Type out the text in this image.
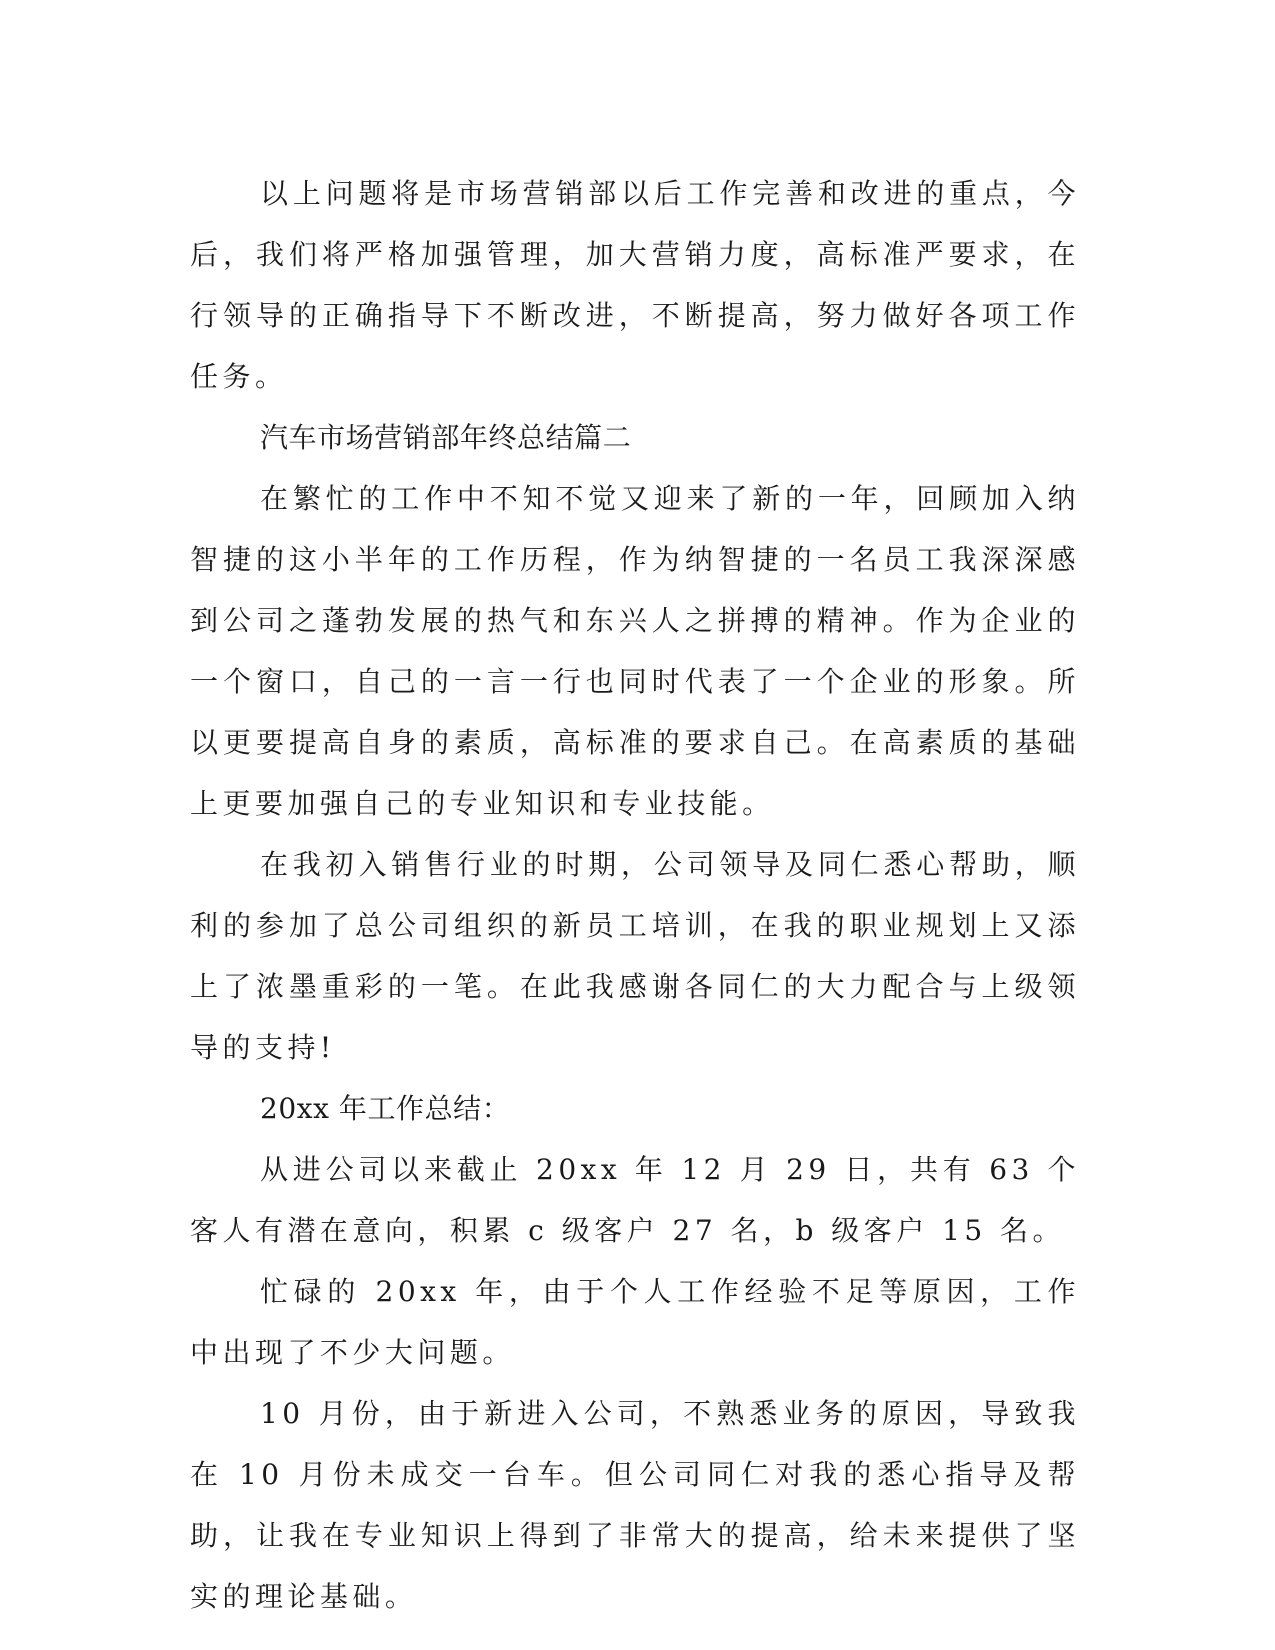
以上问题将是市场营销部以后工作完善和改进的重点，今后，我们将严格加强管理，加大营销力度，高标准严要求，在行领导的正确指导下不断改进，不断提高，努力做好各项工作任务。

汽车市场营销部年终总结篇二

在繁忙的工作中不知不觉又迎来了新的一年，回顾加入纳智捷的这小半年的工作历程，作为纳智捷的一名员工我深深感到公司之蓬勃发展的热气和东兴人之拼搏的精神。作为企业的一个窗口，自己的一言一行也同时代表了一个企业的形象。所以更要提高自身的素质，高标准的要求自己。在高素质的基础上更要加强自己的专业知识和专业技能。

在我初入销售行业的时期，公司领导及同仁悉心帮助，顺利的参加了总公司组织的新员工培训，在我的职业规划上又添上了浓墨重彩的一笔。在此我感谢各同仁的大力配合与上级领导的支持!

20xx 年工作总结：

从进公司以来截止 20xx 年 12 月 29 日，共有 63 个客人有潜在意向，积累 c 级客户 27 名，b 级客户 15 名。

忙碌的 20xx 年，由于个人工作经验不足等原因，工作中出现了不少大问题。

10 月份，由于新进入公司，不熟悉业务的原因，导致我在 10 月份未成交一台车。但公司同仁对我的悉心指导及帮助，让我在专业知识上得到了非常大的提高，给未来提供了坚实的理论基础。
